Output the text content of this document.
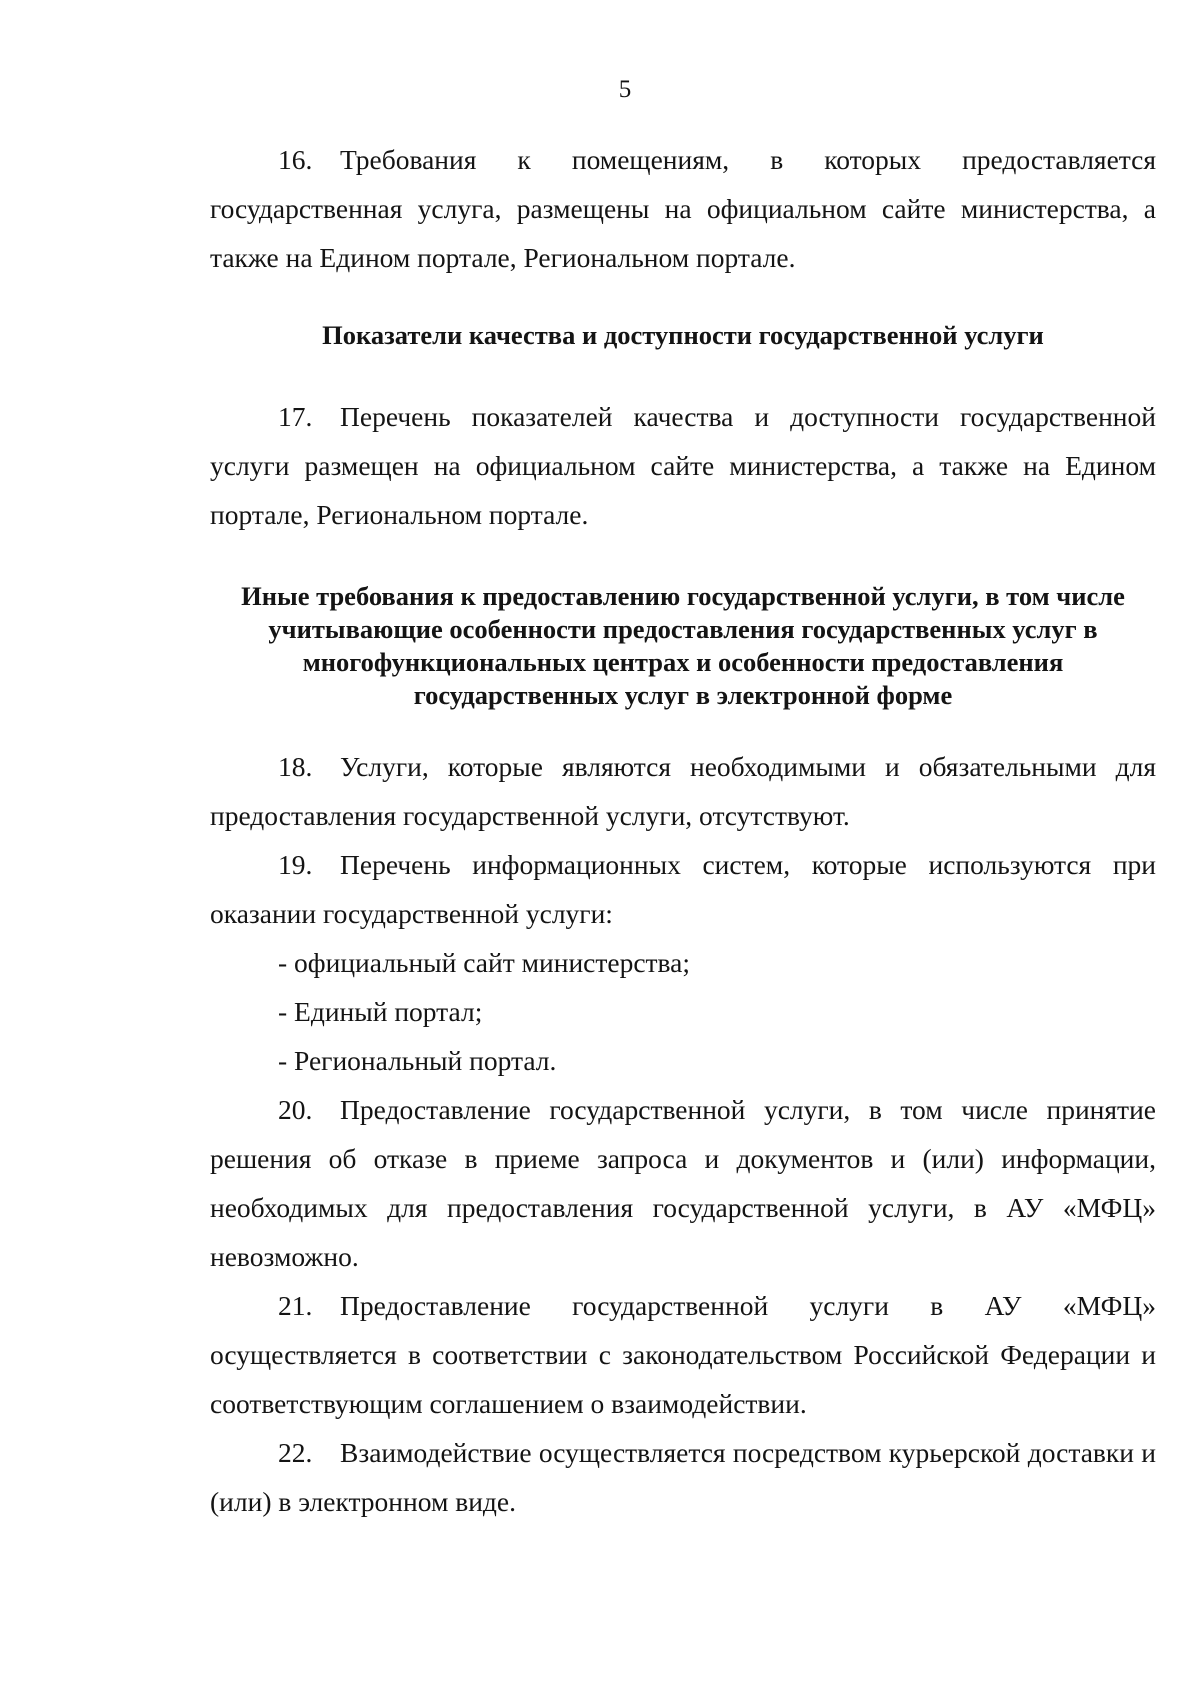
5

16. Требования к помещениям, в которых предоставляется государственная услуга, размещены на официальном сайте министерства, а также на Едином портале, Региональном портале.

Показатели качества и доступности государственной услуги

17. Перечень показателей качества и доступности государственной услуги размещен на официальном сайте министерства, а также на Едином портале, Региональном портале.

Иные требования к предоставлению государственной услуги, в том числе учитывающие особенности предоставления государственных услуг в многофункциональных центрах и особенности предоставления государственных услуг в электронной форме

18. Услуги, которые являются необходимыми и обязательными для предоставления государственной услуги, отсутствуют.

19. Перечень информационных систем, которые используются при оказании государственной услуги:

- официальный сайт министерства;

- Единый портал;

- Региональный портал.

20. Предоставление государственной услуги, в том числе принятие решения об отказе в приеме запроса и документов и (или) информации, необходимых для предоставления государственной услуги, в АУ «МФЦ» невозможно.

21. Предоставление государственной услуги в АУ «МФЦ» осуществляется в соответствии с законодательством Российской Федерации и соответствующим соглашением о взаимодействии.

22. Взаимодействие осуществляется посредством курьерской доставки и (или) в электронном виде.
